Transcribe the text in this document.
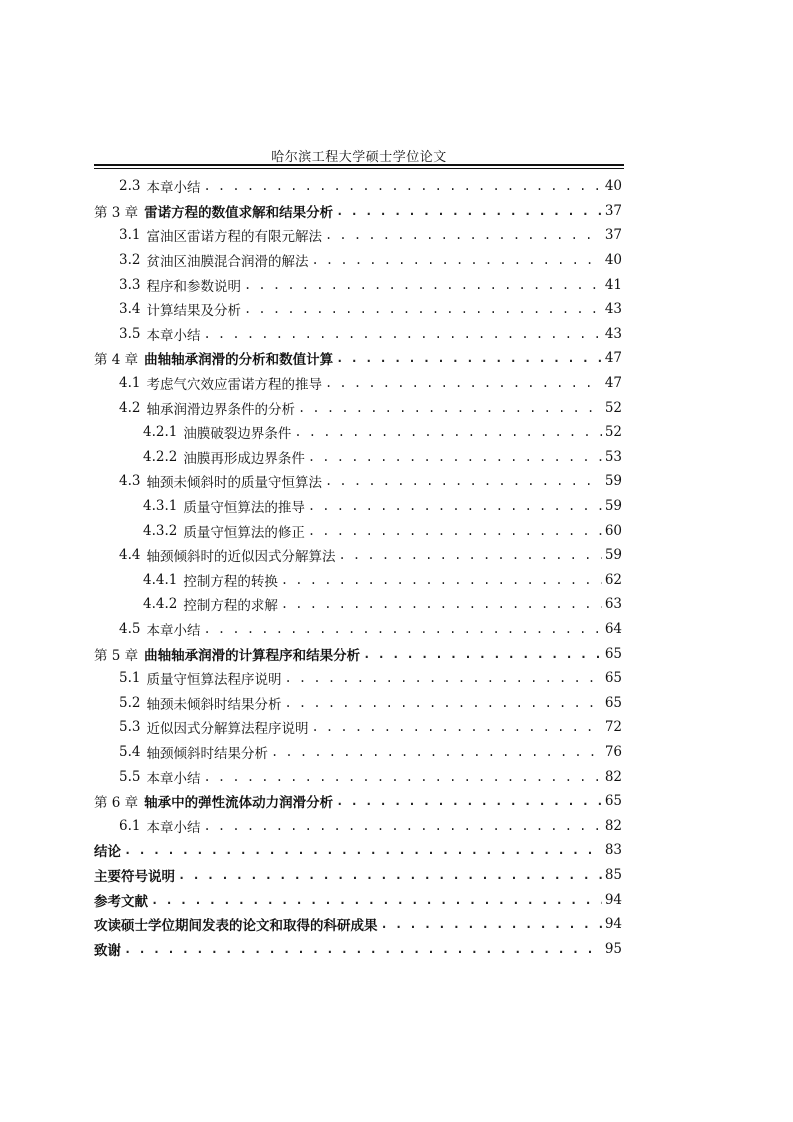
哈尔滨工程大学硕士学位论文
2.3 本章小结 . . .	40
第 3 章 雷诺方程的数值求解和结果分析 . . .	37
3.1 富油区雷诺方程的有限元解法 . . .	37
3.2 贫油区油膜混合润滑的解法 . . .	40
3.3 程序和参数说明 . . .	41
3.4 计算结果及分析 . . .	43
3.5 本章小结 . . .	43
第 4 章 曲轴轴承润滑的分析和数值计算 . . .	47
4.1 考虑气穴效应雷诺方程的推导 . . .	47
4.2 轴承润滑边界条件的分析 . . .	52
4.2.1 油膜破裂边界条件 . . .	52
4.2.2 油膜再形成边界条件 . . .	53
4.3 轴颈未倾斜时的质量守恒算法 . . .	59
4.3.1 质量守恒算法的推导 . . .	59
4.3.2 质量守恒算法的修正 . . .	60
4.4 轴颈倾斜时的近似因式分解算法 . . .	59
4.4.1 控制方程的转换 . . .	62
4.4.2 控制方程的求解 . . .	63
4.5 本章小结 . . .	64
第 5 章 曲轴轴承润滑的计算程序和结果分析 . . .	65
5.1 质量守恒算法程序说明 . . .	65
5.2 轴颈未倾斜时结果分析 . . .	65
5.3 近似因式分解算法程序说明 . . .	72
5.4 轴颈倾斜时结果分析 . . .	76
5.5 本章小结 . . .	82
第 6 章 轴承中的弹性流体动力润滑分析 . . .	65
6.1 本章小结 . . .	82
结论 . . .	83
主要符号说明 . . .	85
参考文献 . . .	94
攻读硕士学位期间发表的论文和取得的科研成果 . . .	94
致谢 . . .	95
